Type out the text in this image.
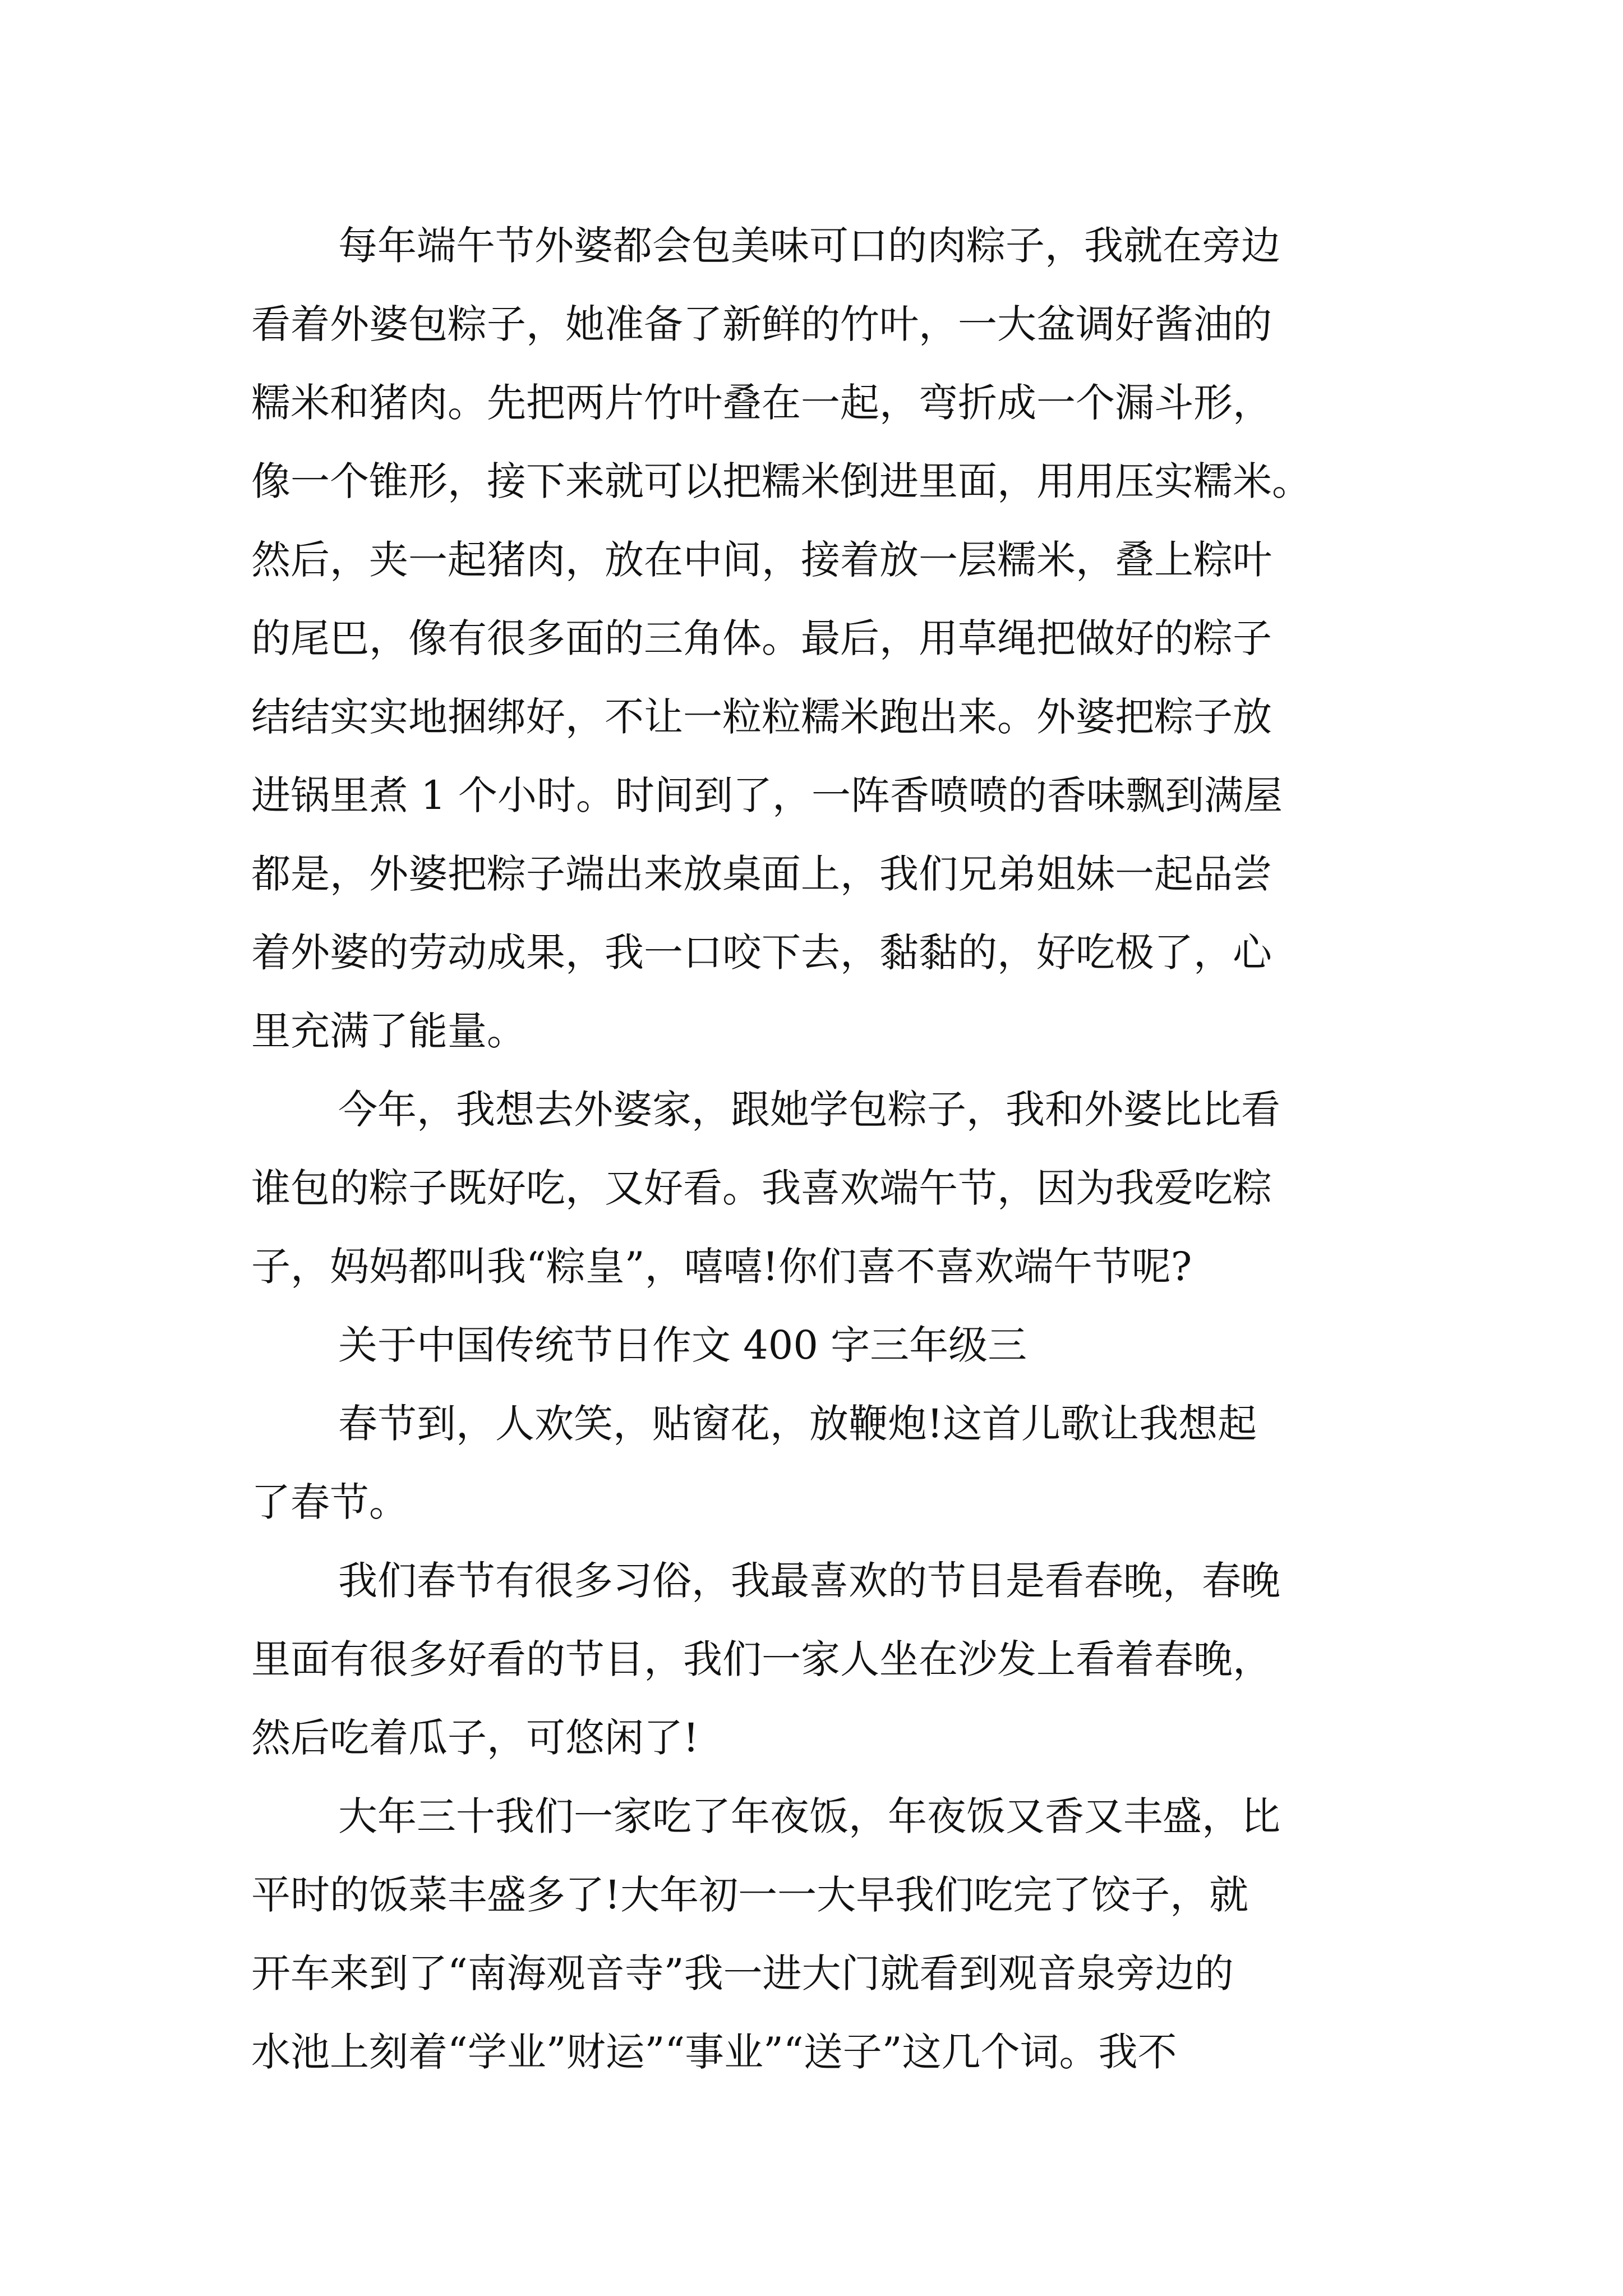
每年端午节外婆都会包美味可口的肉粽子，我就在旁边
看着外婆包粽子，她准备了新鲜的竹叶，一大盆调好酱油的
糯米和猪肉。先把两片竹叶叠在一起，弯折成一个漏斗形，
像一个锥形，接下来就可以把糯米倒进里面，用用压实糯米。
然后，夹一起猪肉，放在中间，接着放一层糯米，叠上粽叶
的尾巴，像有很多面的三角体。最后，用草绳把做好的粽子
结结实实地捆绑好，不让一粒粒糯米跑出来。外婆把粽子放
进锅里煮 1 个小时。时间到了，一阵香喷喷的香味飘到满屋
都是，外婆把粽子端出来放桌面上，我们兄弟姐妹一起品尝
着外婆的劳动成果，我一口咬下去，黏黏的，好吃极了，心
里充满了能量。
今年，我想去外婆家，跟她学包粽子，我和外婆比比看
谁包的粽子既好吃，又好看。我喜欢端午节，因为我爱吃粽
子，妈妈都叫我“粽皇”，嘻嘻!你们喜不喜欢端午节呢?
关于中国传统节日作文 400 字三年级三
春节到，人欢笑，贴窗花，放鞭炮!这首儿歌让我想起
了春节。
我们春节有很多习俗，我最喜欢的节目是看春晚，春晚
里面有很多好看的节目，我们一家人坐在沙发上看着春晚，
然后吃着瓜子，可悠闲了!
大年三十我们一家吃了年夜饭，年夜饭又香又丰盛，比
平时的饭菜丰盛多了!大年初一一大早我们吃完了饺子，就
开车来到了“南海观音寺”我一进大门就看到观音泉旁边的
水池上刻着“学业”财运”“事业”“送子”这几个词。我不
